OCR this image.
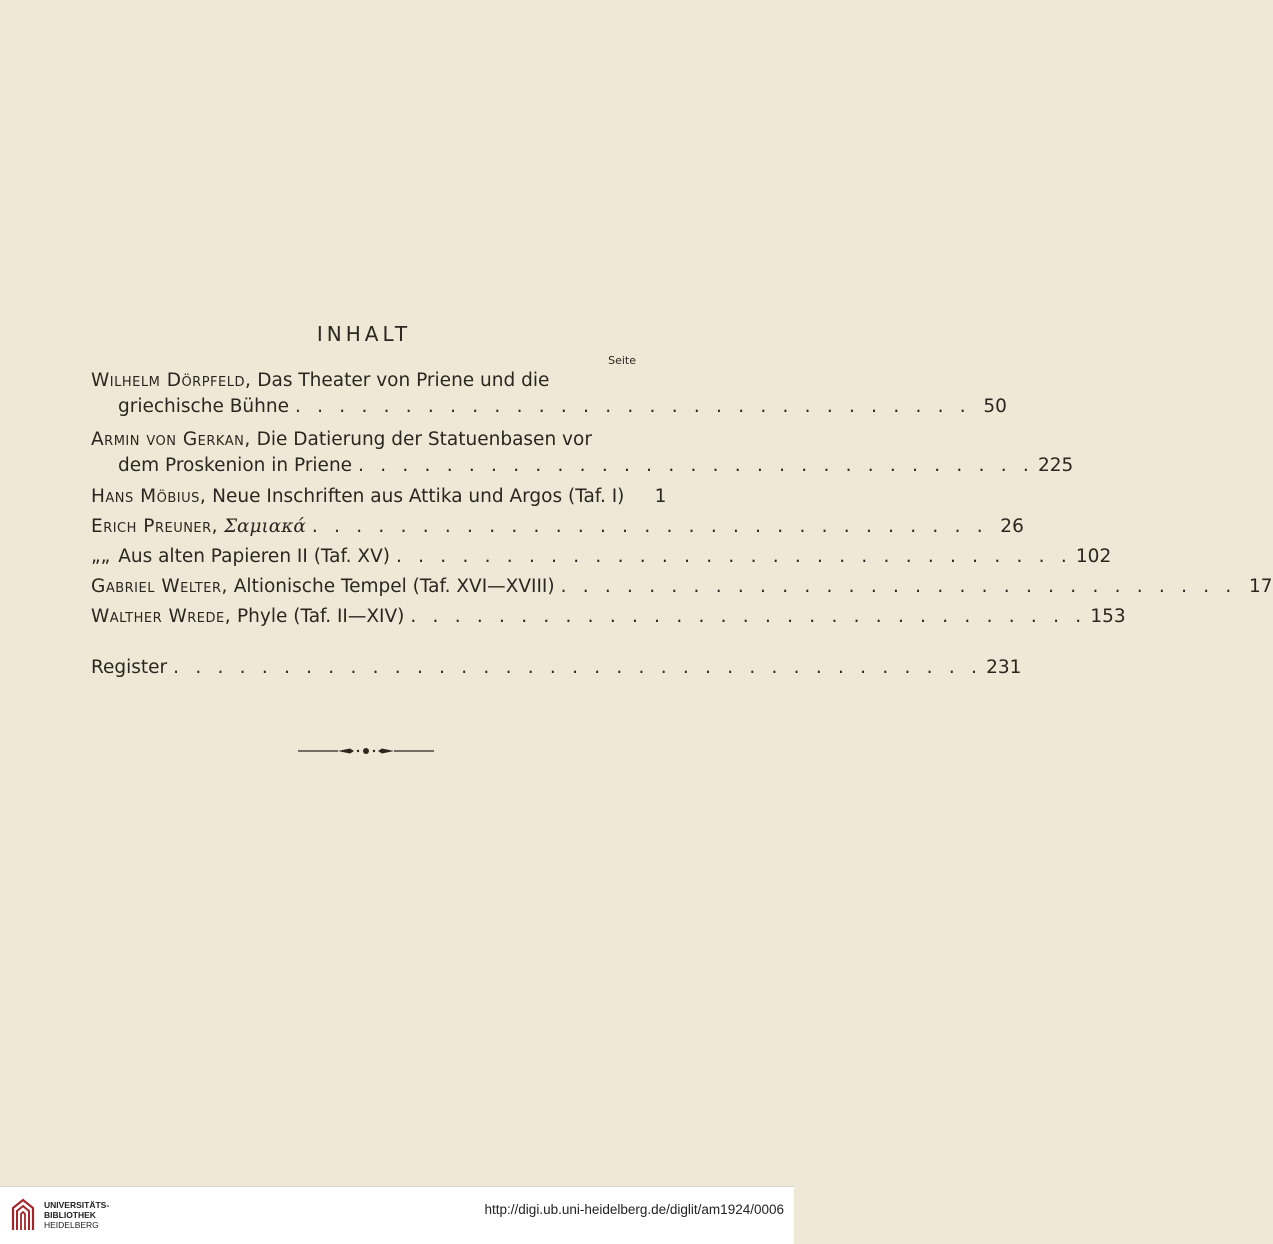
INHALT
Seite
Wilhelm Dörpfeld,
Das Theater von Priene und die
griechische Bühne . . . . . . . . . . . . . . . . . . . . . . . . . . . . . . . 50
Armin von Gerkan,
Die Datierung der Statuenbasen vor
dem Proskenion in Priene . . . . . . . . . . . . . . . . . . . . . . . . . . . . . . . 225
Hans Möbius,
Neue Inschriften aus Attika und Argos (Taf. I)	1
Erich Preuner,
Σαμιακά . . . . . . . . . . . . . . . . . . . . . . . . . . . . . . . 26
„ „ Aus alten Papieren II (Taf. XV) . . . . . . . . . . . . . . . . . . . . . . . . . . . . . . . 102
Gabriel Welter,
Altionische Tempel (Taf. XVI—XVIII) . . . . . . . . . . . . . . . . . . . . . . . . . . . . . . . 17
Walther Wrede,
Phyle (Taf. II—XIV) . . . . . . . . . . . . . . . . . . . . . . . . . . . . . . . 153
Register . . . . . . . . . . . . . . . . . . . . . . . . . . . . . . . . . . . . . 231
UNIVERSITÄTS-
BIBLIOTHEK
HEIDELBERG
http://digi.ub.uni-heidelberg.de/diglit/am1924/0006
